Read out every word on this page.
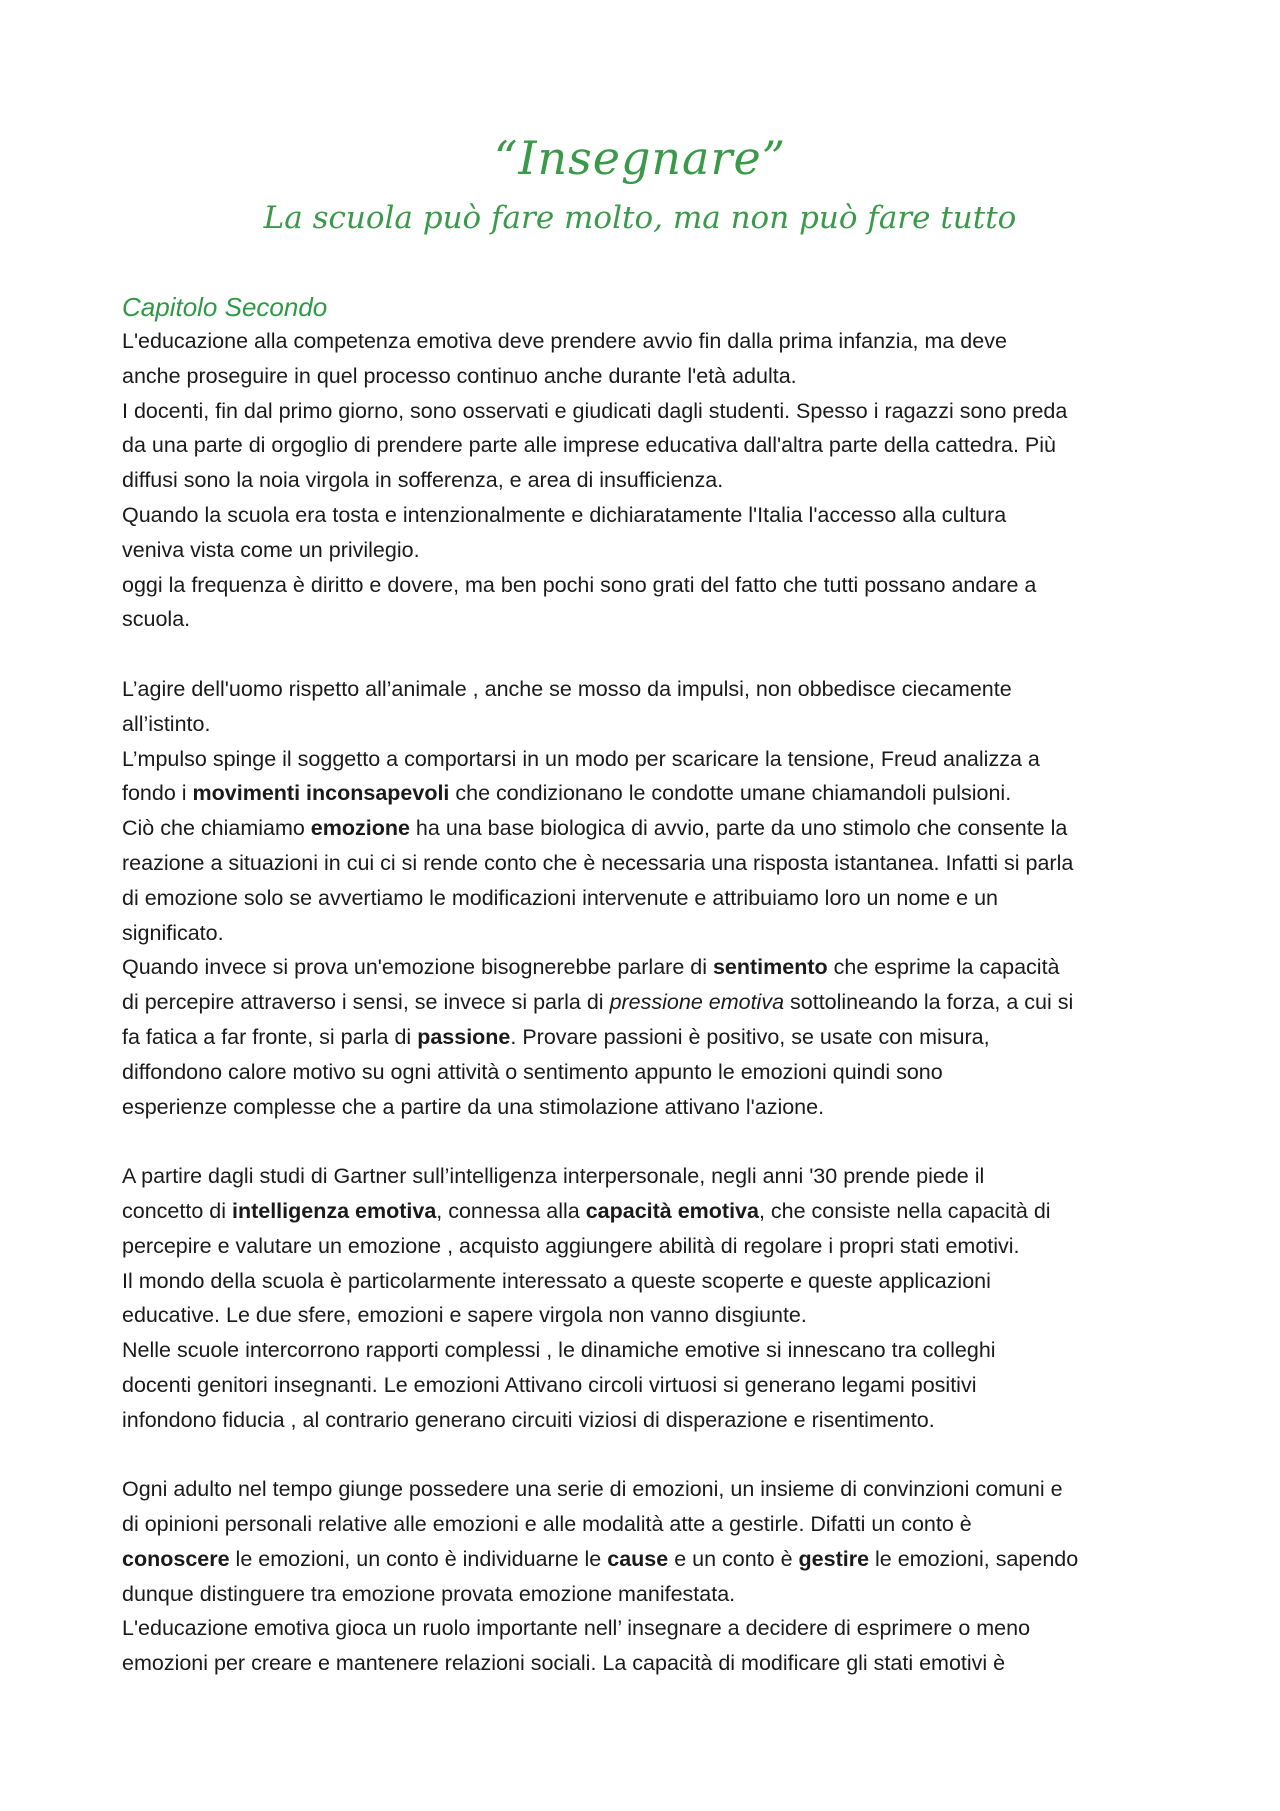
“Insegnare”
La scuola può fare molto, ma non può fare tutto
Capitolo Secondo
L'educazione alla competenza emotiva deve prendere avvio fin dalla prima infanzia, ma deve
anche proseguire in quel processo continuo anche durante l'età adulta.
I docenti, fin dal primo giorno, sono osservati e giudicati dagli studenti. Spesso i ragazzi sono preda
da una parte di orgoglio di prendere parte alle imprese educativa dall'altra parte della cattedra. Più
diffusi sono la noia virgola in sofferenza, e area di insufficienza.
Quando la scuola era tosta e intenzionalmente e dichiaratamente l'Italia l'accesso alla cultura
veniva vista come un privilegio.
oggi la frequenza è diritto e dovere, ma ben pochi sono grati del fatto che tutti possano andare a
scuola.
L’agire dell'uomo rispetto all’animale , anche se mosso da impulsi, non obbedisce ciecamente
all’istinto.
L’mpulso spinge il soggetto a comportarsi in un modo per scaricare la tensione, Freud analizza a
fondo i movimenti inconsapevoli che condizionano le condotte umane chiamandoli pulsioni.
Ciò che chiamiamo emozione ha una base biologica di avvio, parte da uno stimolo che consente la
reazione a situazioni in cui ci si rende conto che è necessaria una risposta istantanea. Infatti si parla
di emozione solo se avvertiamo le modificazioni intervenute e attribuiamo loro un nome e un
significato.
Quando invece si prova un'emozione bisognerebbe parlare di sentimento che esprime la capacità
di percepire attraverso i sensi, se invece si parla di pressione emotiva sottolineando la forza, a cui si
fa fatica a far fronte, si parla di passione. Provare passioni è positivo, se usate con misura,
diffondono calore motivo su ogni attività o sentimento appunto le emozioni quindi sono
esperienze complesse che a partire da una stimolazione attivano l'azione.
A partire dagli studi di Gartner sull’intelligenza interpersonale, negli anni '30 prende piede il
concetto di intelligenza emotiva, connessa alla capacità emotiva, che consiste nella capacità di
percepire e valutare un emozione , acquisto aggiungere abilità di regolare i propri stati emotivi.
Il mondo della scuola è particolarmente interessato a queste scoperte e queste applicazioni
educative. Le due sfere, emozioni e sapere virgola non vanno disgiunte.
Nelle scuole intercorrono rapporti complessi , le dinamiche emotive si innescano tra colleghi
docenti genitori insegnanti. Le emozioni Attivano circoli virtuosi si generano legami positivi
infondono fiducia , al contrario generano circuiti viziosi di disperazione e risentimento.
Ogni adulto nel tempo giunge possedere una serie di emozioni, un insieme di convinzioni comuni e
di opinioni personali relative alle emozioni e alle modalità atte a gestirle. Difatti un conto è
conoscere le emozioni, un conto è individuarne le cause e un conto è gestire le emozioni, sapendo
dunque distinguere tra emozione provata emozione manifestata.
L'educazione emotiva gioca un ruolo importante nell’ insegnare a decidere di esprimere o meno
emozioni per creare e mantenere relazioni sociali. La capacità di modificare gli stati emotivi è
